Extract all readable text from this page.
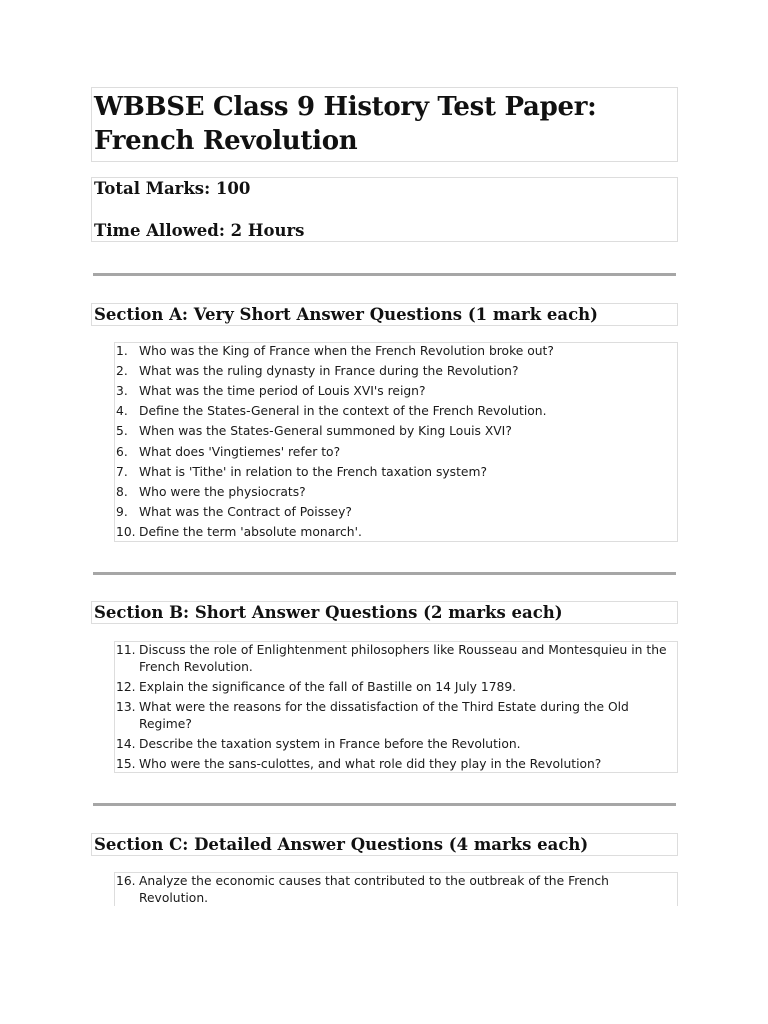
WBBSE Class 9 History Test Paper: French Revolution

Total Marks: 100

Time Allowed: 2 Hours

Section A: Very Short Answer Questions (1 mark each)
1. Who was the King of France when the French Revolution broke out?
2. What was the ruling dynasty in France during the Revolution?
3. What was the time period of Louis XVI's reign?
4. Define the States-General in the context of the French Revolution.
5. When was the States-General summoned by King Louis XVI?
6. What does 'Vingtiemes' refer to?
7. What is 'Tithe' in relation to the French taxation system?
8. Who were the physiocrats?
9. What was the Contract of Poissey?
10. Define the term 'absolute monarch'.
Section B: Short Answer Questions (2 marks each)
11. Discuss the role of Enlightenment philosophers like Rousseau and Montesquieu in the French Revolution.
12. Explain the significance of the fall of Bastille on 14 July 1789.
13. What were the reasons for the dissatisfaction of the Third Estate during the Old Regime?
14. Describe the taxation system in France before the Revolution.
15. Who were the sans-culottes, and what role did they play in the Revolution?
Section C: Detailed Answer Questions (4 marks each)
16. Analyze the economic causes that contributed to the outbreak of the French Revolution.
